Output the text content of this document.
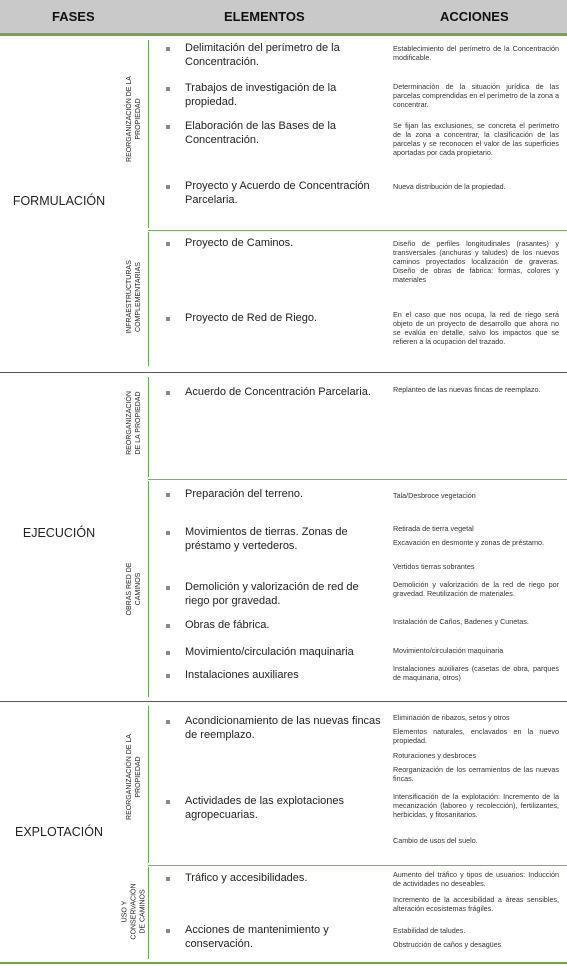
FASES	ELEMENTOS	ACCIONES
FORMULACIÓN
EJECUCIÓN
EXPLOTACIÓN
REORGANIZACIÓN DE LA
PROPIEDAD
INFRAESTRUCTURAS
COMPLEMENTARIAS
REORGANIZACIÓN
DE LA PROPIEDAD
OBRAS RED DE
CAMINOS
REORGANIZACIÓN DE LA
PROPIEDAD
USO Y
CONSERVACIÓN
DE CAMINOS
Delimitación del perímetro de la Concentración.
Trabajos de investigación de la propiedad.
Elaboración de las Bases de la Concentración.
Proyecto y Acuerdo de Concentración Parcelaria.
Proyecto de Caminos.
Proyecto de Red de Riego.
Acuerdo de Concentración Parcelaria.
Preparación del terreno.
Movimientos de tierras. Zonas de préstamo y vertederos.
Demolición y valorización de red de riego por gravedad.
Obras de fábrica.
Movimiento/circulación maquinaria
Instalaciones auxiliares
Acondicionamiento de las nuevas fincas de reemplazo.
Actividades de las explotaciones agropecuarias.
Tráfico y accesibilidades.
Acciones de mantenimiento y conservación.
Establecimiento del perímetro de la Concentración modificable.
Determinación de la situación jurídica de las parcelas comprendidas en el perímetro de la zona a concentrar.
Se fijan las exclusiones, se concreta el perímetro de la zona a concentrar, la clasificación de las parcelas y se reconocen el valor de las superficies aportadas por cada propietario.
Nueva distribución de la propiedad.
Diseño de perfiles longitudinales (rasantes) y transversales (anchuras y taludes) de los nuevos caminos proyectados localización de graveras. Diseño de obras de fábrica: formas, colores y materiales
En el caso que nos ocupa, la red de riego será objeto de un proyecto de desarrollo que ahora no se evalúa en detalle, salvo los impactos que se refieren a la ocupación del trazado.
Replanteo de las nuevas fincas de reemplazo.
Tala/Desbroce vegetación
Retirada de tierra vegetal
Excavación en desmonte y zonas de préstamo.
Vertidos tierras sobrantes
Demolición y valorización de la red de riego por gravedad. Reutilización de materiales.
Instalación de Caños, Badenes y Cunetas.
Movimiento/circulación maquinaria
Instalaciones auxiliares (casetas de obra, parques de maquinaria, otros)
Eliminación de ribazos, setos y otros
Elementos naturales, enclavados en la nuevo propiedad.
Roturaciones y desbroces
Reorganización de los cerramientos de las nuevas fincas.
Intensificación de la explotación: Incremento de la mecanización (laboreo y recolección), fertilizantes, herbicidas, y fitosanitarios.
Cambio de usos del suelo.
Aumento del tráfico y tipos de usuarios: Inducción de actividades no deseables.
Incremento de la accesibilidad a áreas sensibles, alteración ecosistemas frágiles.
Estabilidad de taludes.
Obstrucción de caños y desagües
